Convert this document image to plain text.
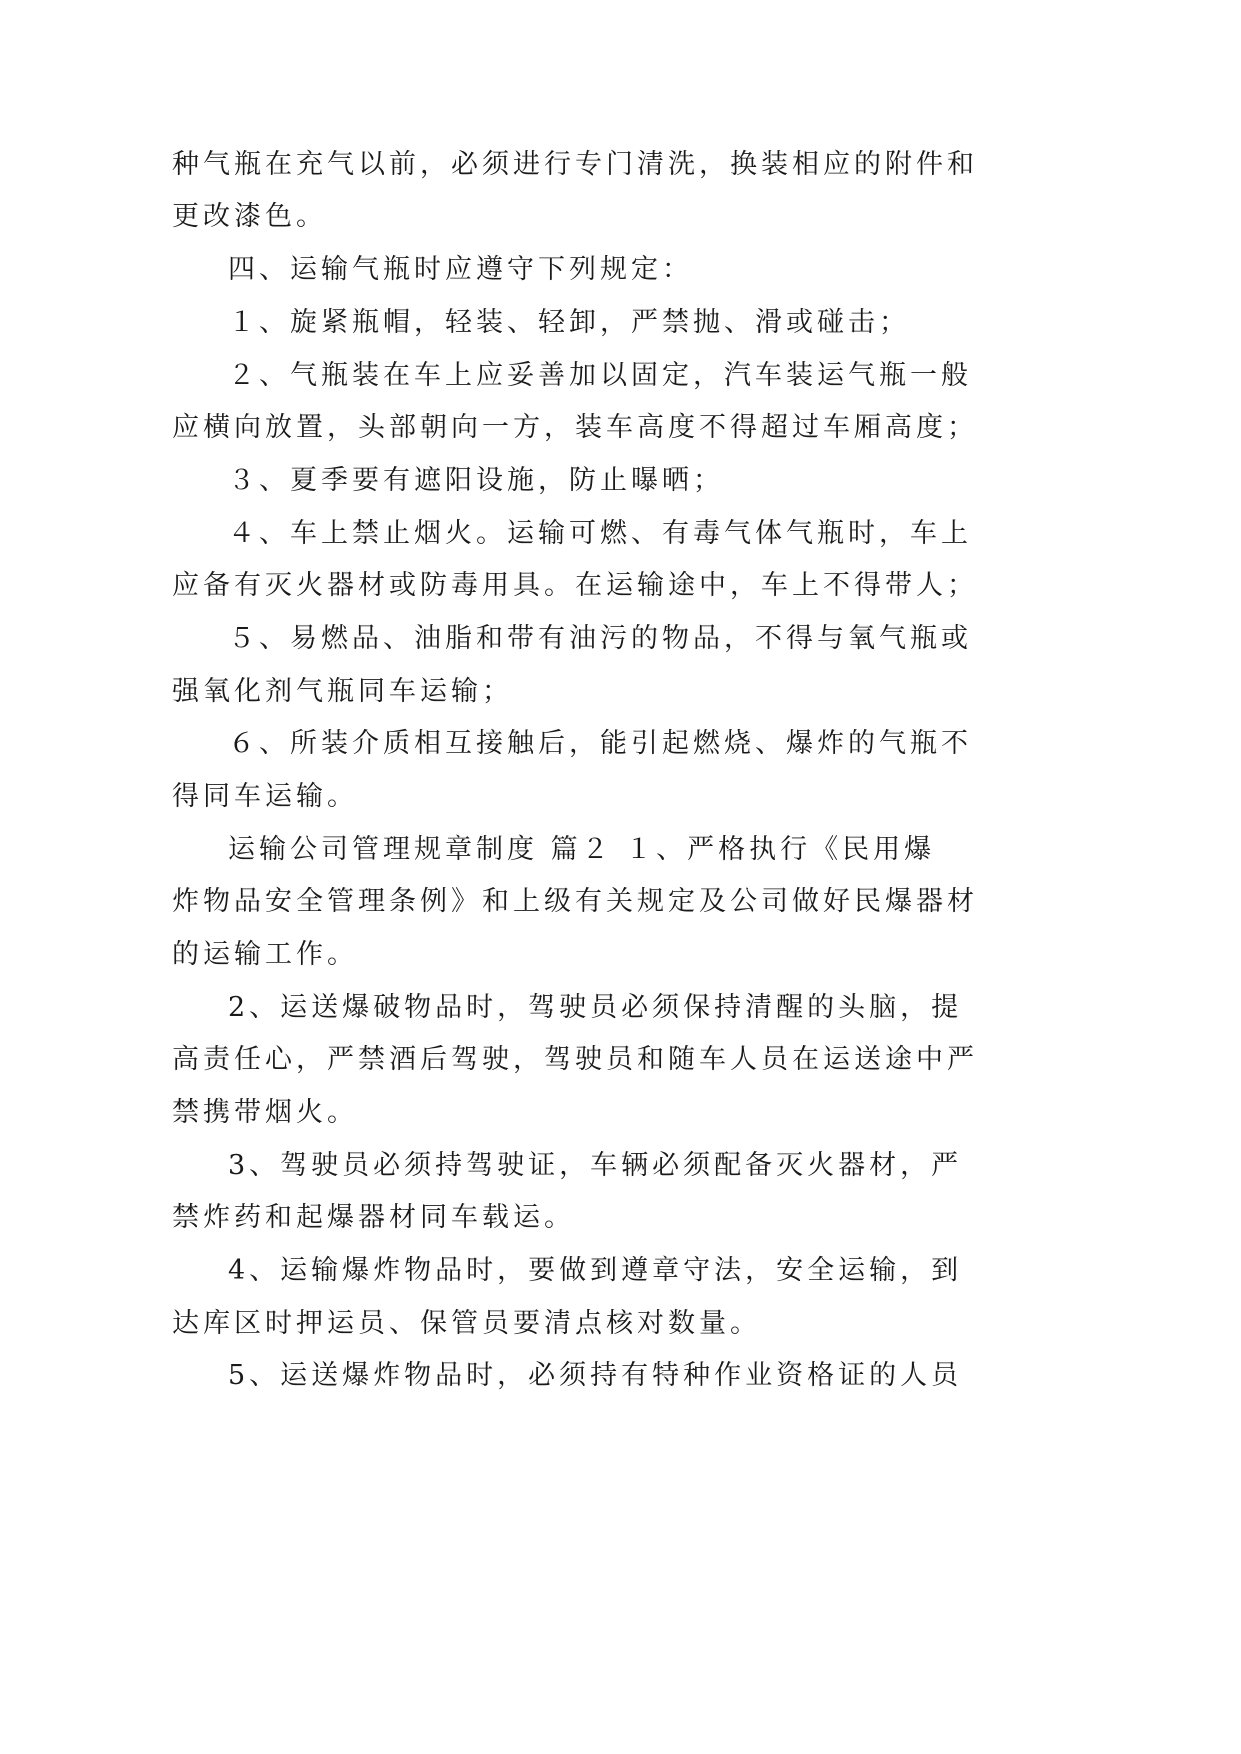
种气瓶在充气以前，必须进行专门清洗，换装相应的附件和
更改漆色。
四、运输气瓶时应遵守下列规定：
１、旋紧瓶帽，轻装、轻卸，严禁抛、滑或碰击；
２、气瓶装在车上应妥善加以固定，汽车装运气瓶一般
应横向放置，头部朝向一方，装车高度不得超过车厢高度；
３、夏季要有遮阳设施，防止曝晒；
４、车上禁止烟火。运输可燃、有毒气体气瓶时，车上
应备有灭火器材或防毒用具。在运输途中，车上不得带人；
５、易燃品、油脂和带有油污的物品，不得与氧气瓶或
强氧化剂气瓶同车运输；
６、所装介质相互接触后，能引起燃烧、爆炸的气瓶不
得同车运输。
运输公司管理规章制度 篇２ １、严格执行《民用爆
炸物品安全管理条例》和上级有关规定及公司做好民爆器材
的运输工作。
2、运送爆破物品时，驾驶员必须保持清醒的头脑，提
高责任心，严禁酒后驾驶，驾驶员和随车人员在运送途中严
禁携带烟火。
3、驾驶员必须持驾驶证，车辆必须配备灭火器材，严
禁炸药和起爆器材同车载运。
4、运输爆炸物品时，要做到遵章守法，安全运输，到
达库区时押运员、保管员要清点核对数量。
5、运送爆炸物品时，必须持有特种作业资格证的人员
